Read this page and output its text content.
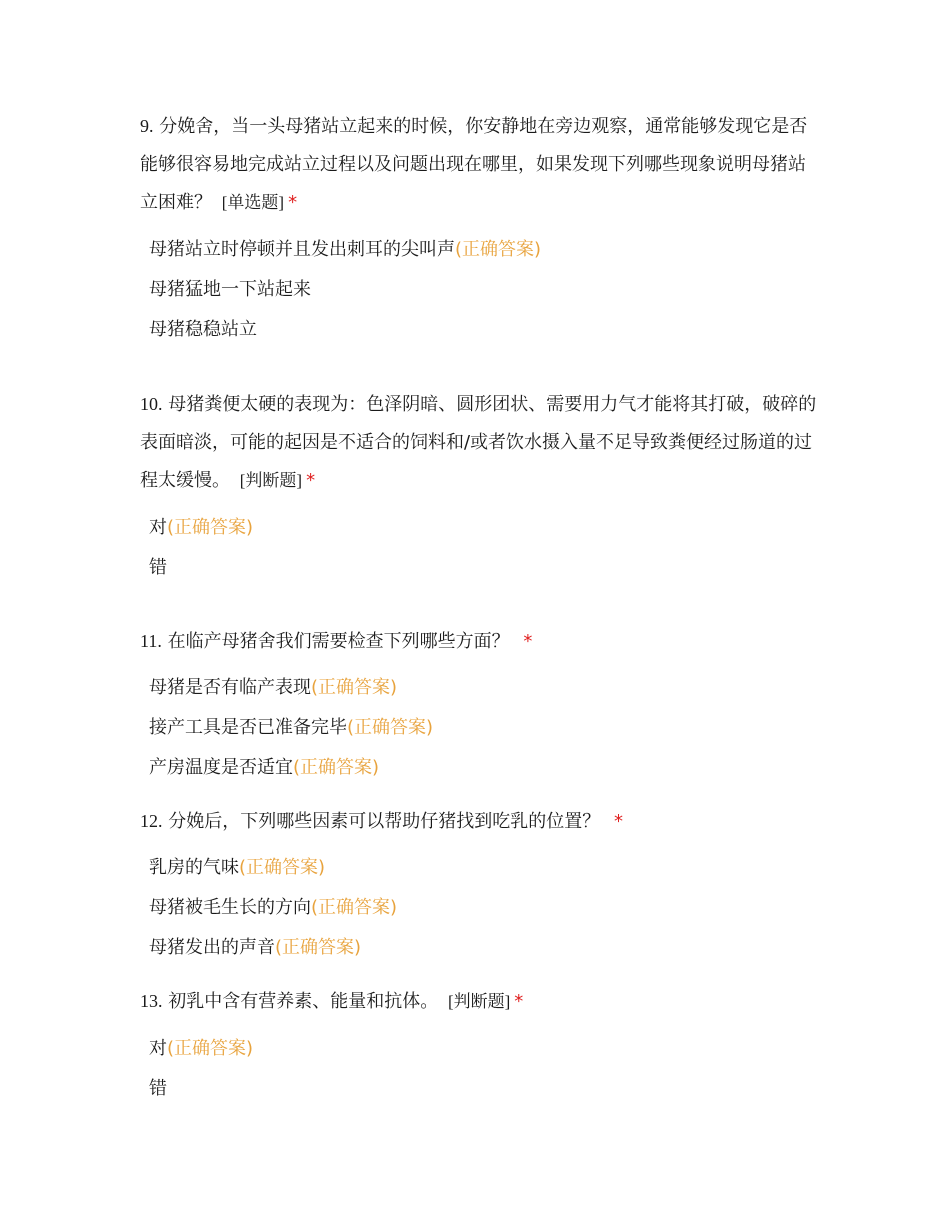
9. 分娩舍，当一头母猪站立起来的时候，你安静地在旁边观察，通常能够发现它是否能够很容易地完成站立过程以及问题出现在哪里，如果发现下列哪些现象说明母猪站立困难？ [单选题] *

母猪站立时停顿并且发出刺耳的尖叫声(正确答案)
母猪猛地一下站起来
母猪稳稳站立

10. 母猪粪便太硬的表现为：色泽阴暗、圆形团状、需要用力气才能将其打破，破碎的表面暗淡，可能的起因是不适合的饲料和/或者饮水摄入量不足导致粪便经过肠道的过程太缓慢。 [判断题] *

对(正确答案)
错

11. 在临产母猪舍我们需要检查下列哪些方面？ *

母猪是否有临产表现(正确答案)
接产工具是否已准备完毕(正确答案)
产房温度是否适宜(正确答案)

12. 分娩后，下列哪些因素可以帮助仔猪找到吃乳的位置？ *

乳房的气味(正确答案)
母猪被毛生长的方向(正确答案)
母猪发出的声音(正确答案)

13. 初乳中含有营养素、能量和抗体。 [判断题] *

对(正确答案)
错
